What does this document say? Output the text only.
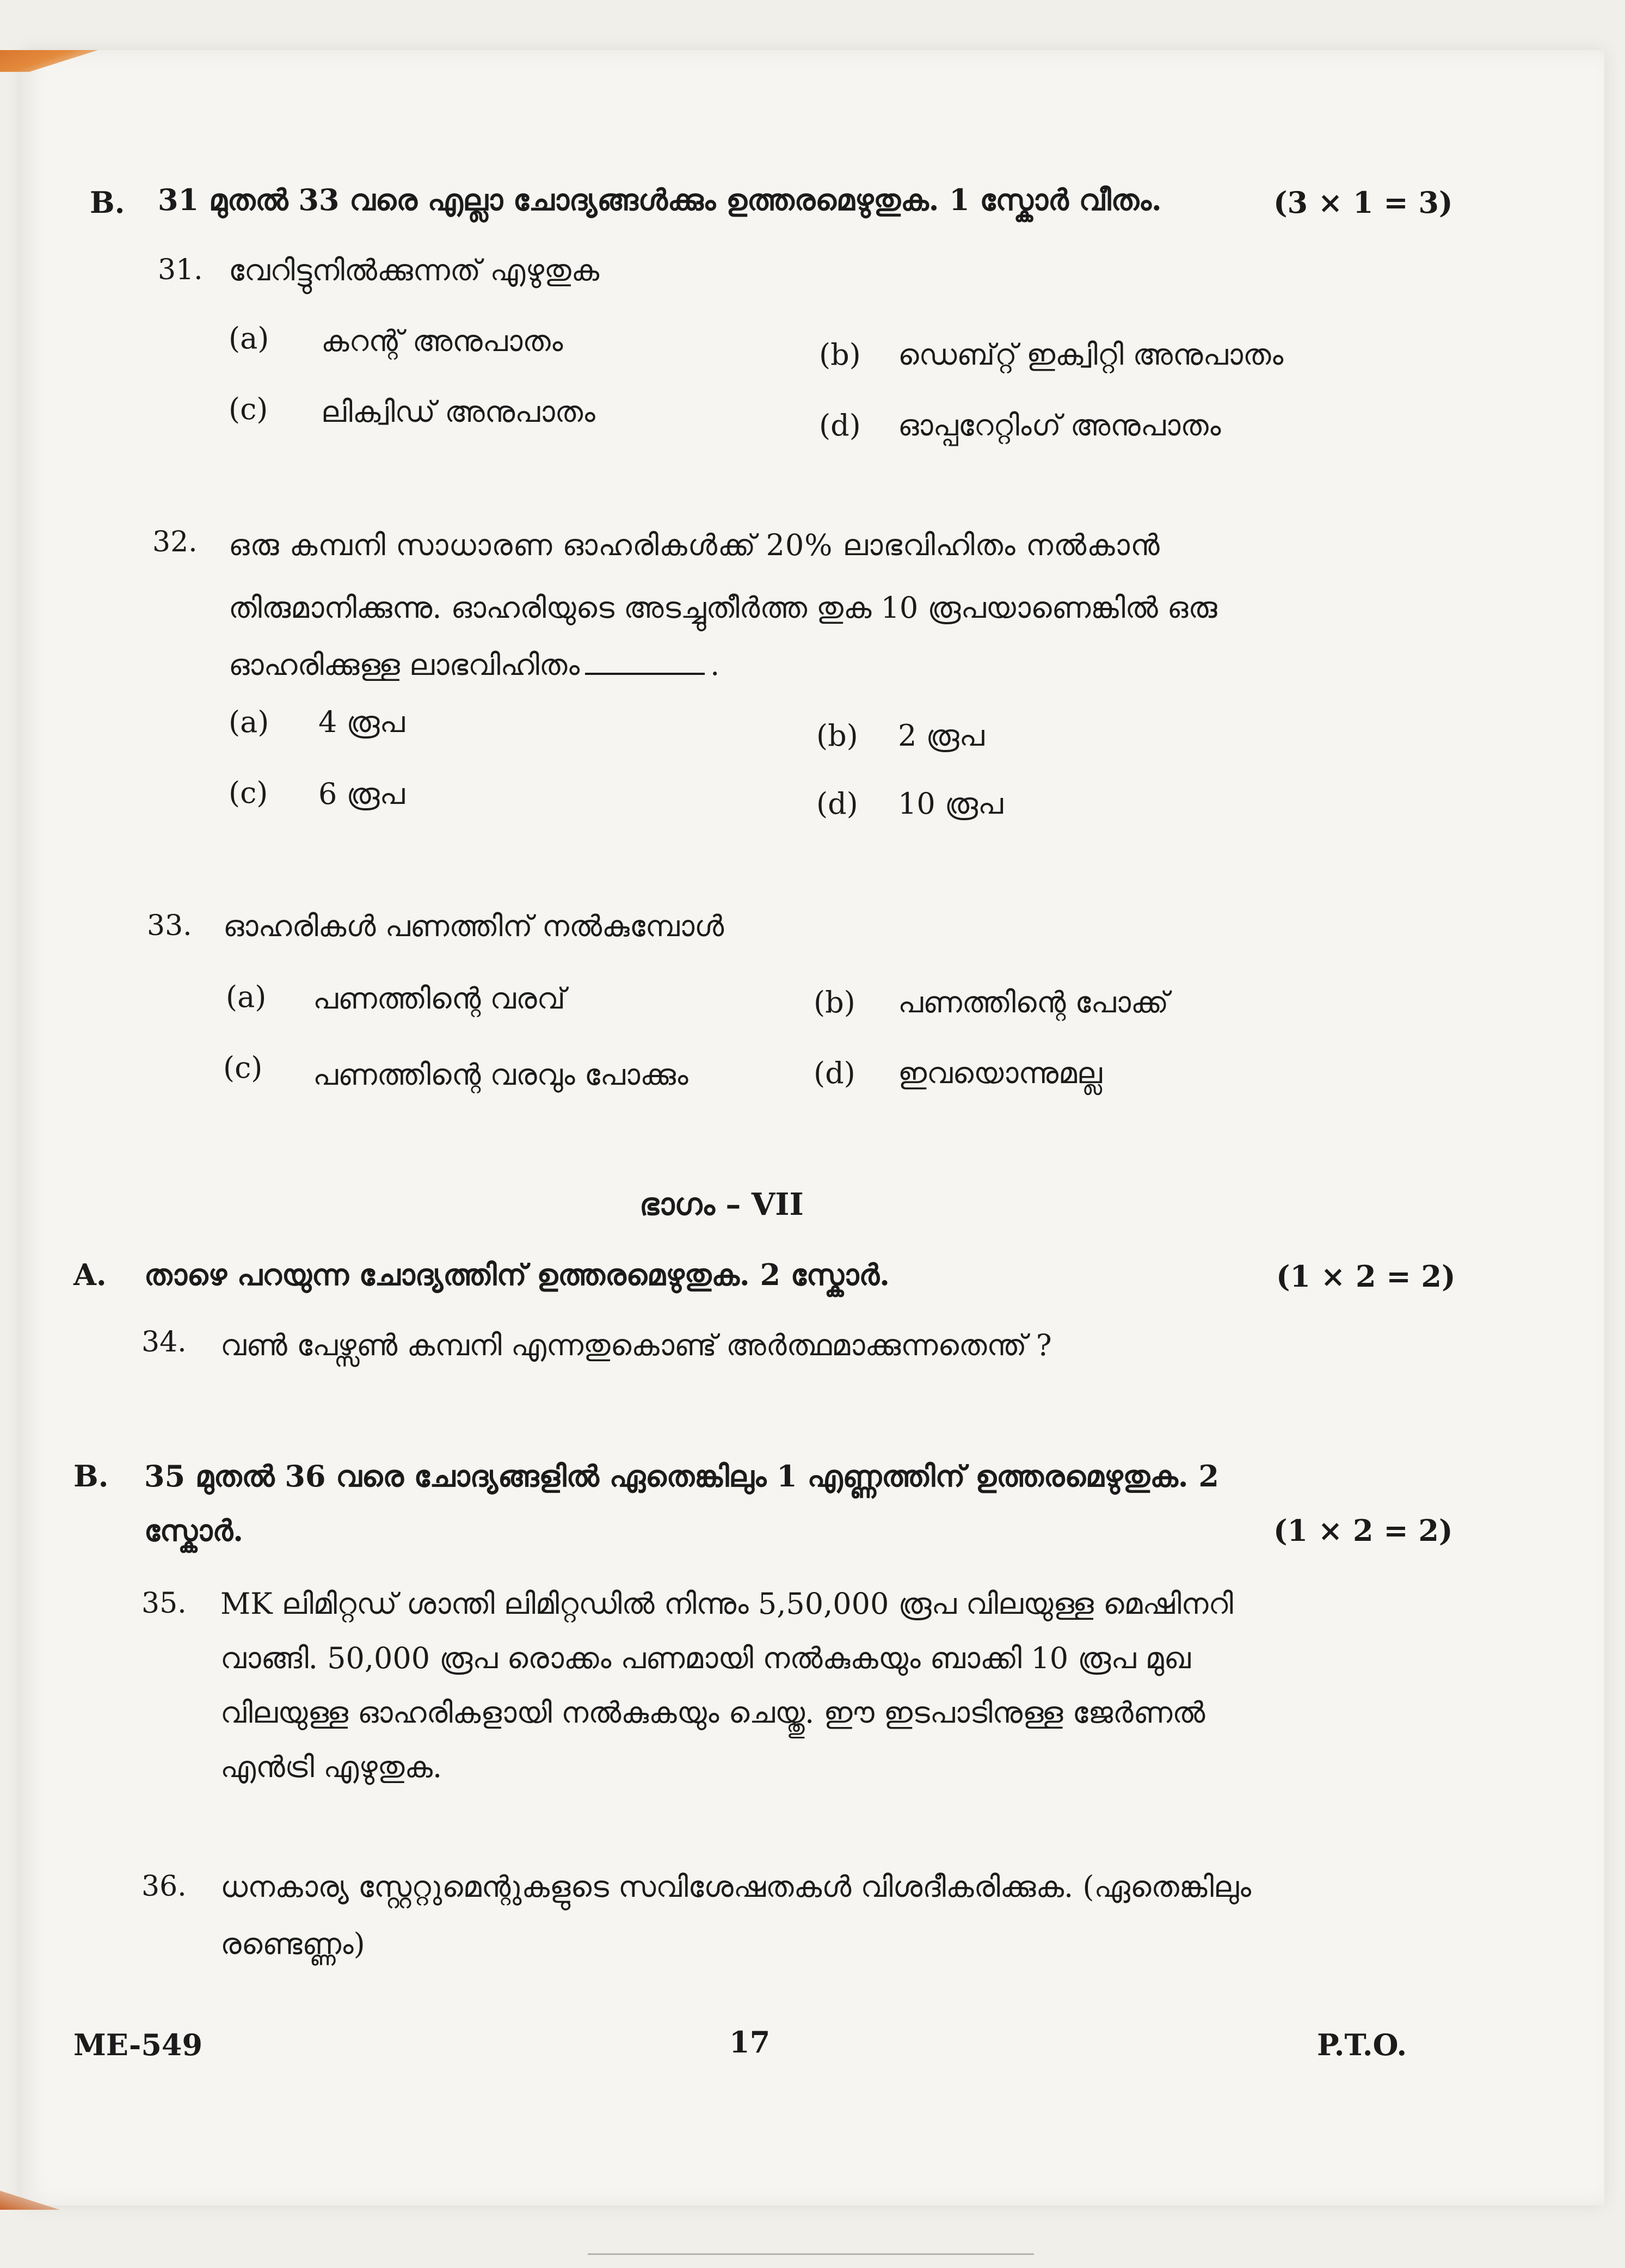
B. 31 മുതൽ 33 വരെ എല്ലാ ചോദ്യങ്ങൾക്കും ഉത്തരമെഴുതുക. 1 സ്കോർ വീതം.	(3 × 1 = 3)
31. വേറിട്ടുനിൽക്കുന്നത് എഴുതുക
(a) കറന്റ് അനുപാതം	(b) ഡെബ്റ്റ് ഇക്വിറ്റി അനുപാതം
(c) ലിക്വിഡ് അനുപാതം	(d) ഓപ്പറേറ്റിംഗ് അനുപാതം
32. ഒരു കമ്പനി സാധാരണ ഓഹരികൾക്ക് 20% ലാഭവിഹിതം നൽകാൻ
തിരുമാനിക്കുന്നു. ഓഹരിയുടെ അടച്ചുതീർത്ത തുക 10 രൂപയാണെങ്കിൽ ഒരു
ഓഹരിക്കുള്ള ലാഭവിഹിതം	.
(a) 4 രൂപ	(b) 2 രൂപ
(c) 6 രൂപ	(d) 10 രൂപ
33. ഓഹരികൾ പണത്തിന് നൽകുമ്പോൾ
(a) പണത്തിന്റെ വരവ്	(b) പണത്തിന്റെ പോക്ക്
(c) പണത്തിന്റെ വരവും പോക്കും	(d) ഇവയൊന്നുമല്ല
ഭാഗം – VII
A. താഴെ പറയുന്ന ചോദ്യത്തിന് ഉത്തരമെഴുതുക. 2 സ്കോർ.	(1 × 2 = 2)
34. വൺ പേഴ്സൺ കമ്പനി എന്നതുകൊണ്ട് അർത്ഥമാക്കുന്നതെന്ത് ?
B. 35 മുതൽ 36 വരെ ചോദ്യങ്ങളിൽ ഏതെങ്കിലും 1 എണ്ണത്തിന് ഉത്തരമെഴുതുക. 2
സ്കോർ.	(1 × 2 = 2)
35. MK ലിമിറ്റഡ് ശാന്തി ലിമിറ്റഡിൽ നിന്നും 5,50,000 രൂപ വിലയുള്ള മെഷിനറി
വാങ്ങി. 50,000 രൂപ രൊക്കം പണമായി നൽകുകയും ബാക്കി 10 രൂപ മുഖ
വിലയുള്ള ഓഹരികളായി നൽകുകയും ചെയ്തു. ഈ ഇടപാടിനുള്ള ജേർണൽ
എൻട്രി എഴുതുക.
36. ധനകാര്യ സ്റ്റേറ്റുമെന്റുകളുടെ സവിശേഷതകൾ വിശദീകരിക്കുക. (ഏതെങ്കിലും
രണ്ടെണ്ണം)
ME-549	17	P.T.O.
